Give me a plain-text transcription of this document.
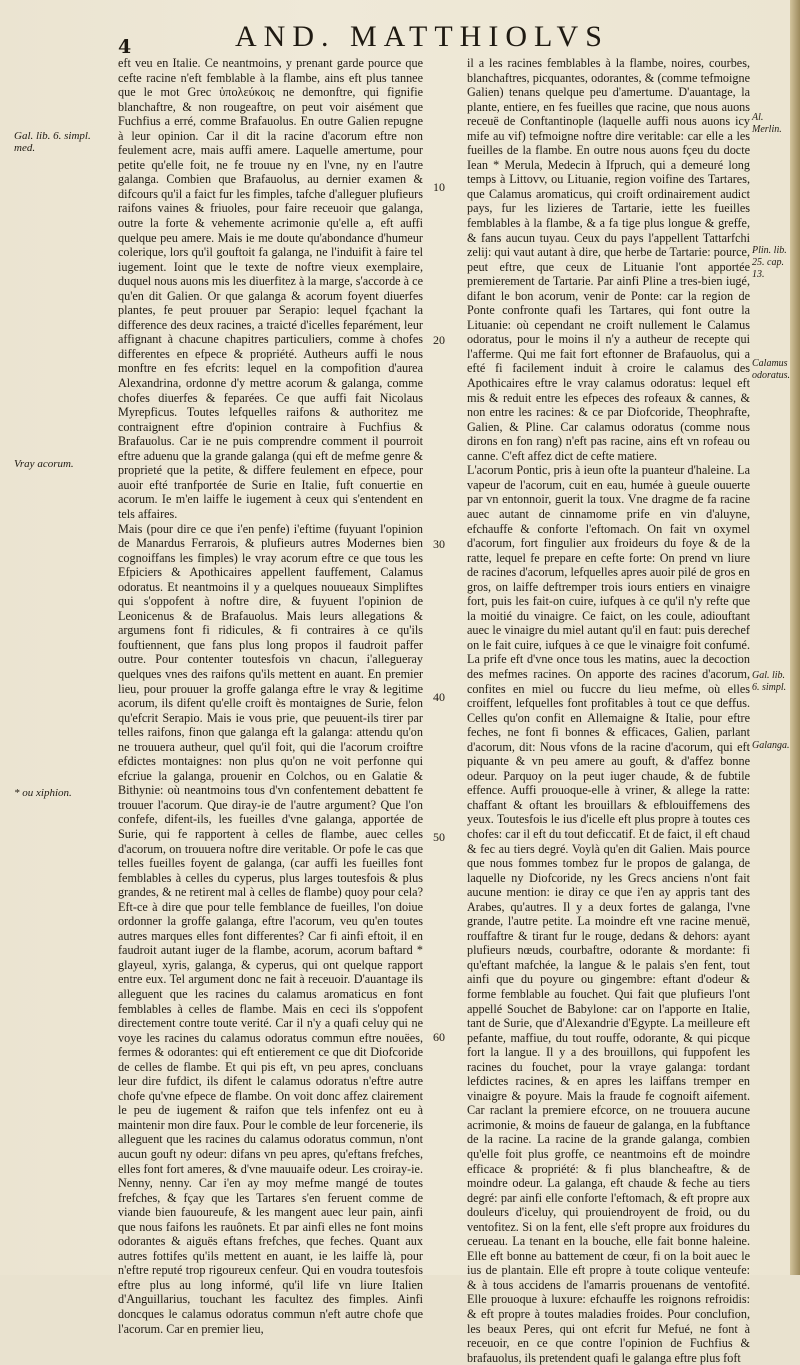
4	AND. MATTHIOLVS
Gal. lib. 6. simpl. med.
Vray acorum.
* ou xiphion.
Al. Merlin.
Plin. lib. 25. cap. 13.
Calamus odoratus.
Gal. lib. 6. simpl.
Galanga.
10
20
30
40
50
60

eft veu en Italie. Ce neantmoins, y prenant garde pource que cefte racine n'eft femblable à la flambe, ains eft plus tannee que le mot Grec ὑπολεύκοις ne demonftre, qui fignifie blanchaftre, & non rougeaftre, on peut voir aisément que Fuchfius a erré, comme Brafauolus. En outre Galien repugne à leur opinion. Car il dit la racine d'acorum eftre non feulement acre, mais auffi amere. Laquelle amertume, pour petite qu'elle foit, ne fe trouue ny en l'vne, ny en l'autre galanga. Combien que Brafauolus, au dernier examen & difcours qu'il a faict fur les fimples, tafche d'alleguer plufieurs raifons vaines & friuoles, pour faire receuoir que galanga, outre la forte & vehemente acrimonie qu'elle a, eft auffi quelque peu amere. Mais ie me doute qu'abondance d'humeur colerique, lors qu'il gouftoit fa galanga, ne l'induifit à faire tel iugement. Ioint que le texte de noftre vieux exemplaire, duquel nous auons mis les diuerfitez à la marge, s'accorde à ce qu'en dit Galien. Or que galanga & acorum foyent diuerfes plantes, fe peut prouuer par Serapio: lequel fçachant la difference des deux racines, a traicté d'icelles feparément, leur affignant à chacune chapitres particuliers, comme à chofes differentes en efpece & propriété. Autheurs auffi le nous monftre en fes efcrits: lequel en la compofition d'aurea Alexandrina, ordonne d'y mettre acorum & galanga, comme chofes diuerfes & feparées. Ce que auffi fait Nicolaus Myrepficus. Toutes lefquelles raifons & authoritez me contraignent eftre d'opinion contraire à Fuchfius & Brafauolus. Car ie ne puis comprendre comment il pourroit eftre aduenu que la grande galanga (qui eft de mefme genre & proprieté que la petite, & differe feulement en efpece, pour auoir efté tranfportée de Surie en Italie, fuft conuertie en acorum. Ie m'en laiffe le iugement à ceux qui s'entendent en tels affaires.

Mais (pour dire ce que i'en penfe) i'eftime (fuyuant l'opinion de Manardus Ferrarois, & plufieurs autres Modernes bien cognoiffans les fimples) le vray acorum eftre ce que tous les Efpiciers & Apothicaires appellent fauffement, Calamus odoratus. Et neantmoins il y a quelques nouueaux Simpliftes qui s'oppofent à noftre dire, & fuyuent l'opinion de Leonicenus & de Brafauolus. Mais leurs allegations & argumens font fi ridicules, & fi contraires à ce qu'ils fouftiennent, que fans plus long propos il faudroit paffer outre. Pour contenter toutesfois vn chacun, i'allegueray quelques vnes des raifons qu'ils mettent en auant. En premier lieu, pour prouuer la groffe galanga eftre le vray & legitime acorum, ils difent qu'elle croift ès montaignes de Surie, felon qu'efcrit Serapio. Mais ie vous prie, que peuuent-ils tirer par telles raifons, finon que galanga eft la galanga: attendu qu'on ne trouuera autheur, quel qu'il foit, qui die l'acorum croiftre efdictes montaignes: non plus qu'on ne voit perfonne qui efcriue la galanga, prouenir en Colchos, ou en Galatie & Bithynie: où neantmoins tous d'vn confentement debattent fe trouuer l'acorum. Que diray-ie de l'autre argument? Que l'on confefe, difent-ils, les fueilles d'vne galanga, apportée de Surie, qui fe rapportent à celles de flambe, auec celles d'acorum, on trouuera noftre dire veritable. Or pofe le cas que telles fueilles foyent de galanga, (car auffi les fueilles font femblables à celles du cyperus, plus larges toutesfois & plus grandes, & ne retirent mal à celles de flambe) quoy pour cela? Eft-ce à dire que pour telle femblance de fueilles, l'on doiue ordonner la groffe galanga, eftre l'acorum, veu qu'en toutes autres marques elles font differentes? Car fi ainfi eftoit, il en faudroit autant iuger de la flambe, acorum, acorum baftard * glayeul, xyris, galanga, & cyperus, qui ont quelque rapport entre eux. Tel argument donc ne fait à receuoir. D'auantage ils alleguent que les racines du calamus aromaticus en font femblables à celles de flambe. Mais en ceci ils s'oppofent directement contre toute verité. Car il n'y a quafi celuy qui ne voye les racines du calamus odoratus commun eftre nouëes, fermes & odorantes: qui eft entierement ce que dit Diofcoride de celles de flambe. Et qui pis eft, vn peu apres, concluans leur dire fufdict, ils difent le calamus odoratus n'eftre autre chofe qu'vne efpece de flambe. On voit donc affez clairement le peu de iugement & raifon que tels infenfez ont eu à maintenir mon dire faux. Pour le comble de leur forcenerie, ils alleguent que les racines du calamus odoratus commun, n'ont aucun gouft ny odeur: difans vn peu apres, qu'eftans frefches, elles font fort ameres, & d'vne mauuaife odeur. Les croiray-ie. Nenny, nenny. Car i'en ay moy mefme mangé de toutes frefches, & fçay que les Tartares s'en feruent comme de viande bien fauoureufe, & les mangent auec leur pain, ainfi que nous faifons les rauônets. Et par ainfi elles ne font moins odorantes & aiguës eftans frefches, que feches. Quant aux autres fottifes qu'ils mettent en auant, ie les laiffe là, pour n'eftre reputé trop rigoureux cenfeur. Qui en voudra toutesfois eftre plus au long informé, qu'il life vn liure Italien d'Anguillarius, touchant les facultez des fimples. Ainfi doncques le calamus odoratus commun n'eft autre chofe que l'acorum. Car en premier lieu,

il a les racines femblables à la flambe, noires, courbes, blanchaftres, picquantes, odorantes, & (comme tefmoigne Galien) tenans quelque peu d'amertume. D'auantage, la plante, entiere, en fes fueilles que racine, que nous auons receuë de Conftantinople (laquelle auffi nous auons icy mife au vif) tefmoigne noftre dire veritable: car elle a les fueilles de la flambe. En outre nous auons fçeu du docte Iean * Merula, Medecin à Ifpruch, qui a demeuré long temps à Littovv, ou Lituanie, region voifine des Tartares, que Calamus aromaticus, qui croift ordinairement audict pays, fur les lizieres de Tartarie, iette les fueilles femblables à la flambe, & a fa tige plus longue & greffe, & fans aucun tuyau. Ceux du pays l'appellent Tattarfchi zelij: qui vaut autant à dire, que herbe de Tartarie: pource, peut eftre, que ceux de Lituanie l'ont apportée premierement de Tartarie. Par ainfi Pline a tres-bien iugé, difant le bon acorum, venir de Ponte: car la region de Ponte confronte quafi les Tartares, qui font outre la Lituanie: où cependant ne croift nullement le Calamus odoratus, pour le moins il n'y a autheur de recepte qui l'afferme. Qui me fait fort eftonner de Brafauolus, qui a efté fi facilement induit à croire le calamus des Apothicaires eftre le vray calamus odoratus: lequel eft mis & reduit entre les efpeces des rofeaux & cannes, & non entre les racines: & ce par Diofcoride, Theophrafte, Galien, & Pline. Car calamus odoratus (comme nous dirons en fon rang) n'eft pas racine, ains eft vn rofeau ou canne. C'eft affez dict de cefte matiere.

L'acorum Pontic, pris à ieun ofte la puanteur d'haleine. La vapeur de l'acorum, cuit en eau, humée à gueule ouuerte par vn entonnoir, guerit la toux. Vne dragme de fa racine auec autant de cinnamome prife en vin d'aluyne, efchauffe & conforte l'eftomach. On fait vn oxymel d'acorum, fort fingulier aux froideurs du foye & de la ratte, lequel fe prepare en cefte forte: On prend vn liure de racines d'acorum, lefquelles apres auoir pilé de gros en gros, on laiffe deftremper trois iours entiers en vinaigre fort, puis les fait-on cuire, iufques à ce qu'il n'y refte que la moitié du vinaigre. Ce faict, on les coule, adiouftant auec le vinaigre du miel autant qu'il en faut: puis derechef on le fait cuire, iufques à ce que le vinaigre foit confumé. La prife eft d'vne once tous les matins, auec la decoction des mefmes racines. On apporte des racines d'acorum, confites en miel ou fuccre du lieu mefme, où elles croiffent, lefquelles font profitables à tout ce que deffus. Celles qu'on confit en Allemaigne & Italie, pour eftre feches, ne font fi bonnes & efficaces, Galien, parlant d'acorum, dit: Nous vfons de la racine d'acorum, qui eft piquante & vn peu amere au gouft, & d'affez bonne odeur. Parquoy on la peut iuger chaude, & de fubtile effence. Auffi prouoque-elle à vriner, & allege la ratte: chaffant & oftant les brouillars & efblouiffemens des yeux. Toutesfois le ius d'icelle eft plus propre à toutes ces chofes: car il eft du tout deficcatif. Et de faict, il eft chaud & fec au tiers degré. Voylà qu'en dit Galien. Mais pource que nous fommes tombez fur le propos de galanga, de laquelle ny Diofcoride, ny les Grecs anciens n'ont fait aucune mention: ie diray ce que i'en ay appris tant des Arabes, qu'autres. Il y a deux fortes de galanga, l'vne grande, l'autre petite. La moindre eft vne racine menuë, rouffaftre & tirant fur le rouge, dedans & dehors: ayant plufieurs nœuds, courbaftre, odorante & mordante: fi qu'eftant mafchée, la langue & le palais s'en fent, tout ainfi que du poyure ou gingembre: eftant d'odeur & forme femblable au fouchet. Qui fait que plufieurs l'ont appellé Souchet de Babylone: car on l'apporte en Italie, tant de Surie, que d'Alexandrie d'Egypte. La meilleure eft pefante, maffiue, du tout rouffe, odorante, & qui picque fort la langue. Il y a des brouillons, qui fuppofent les racines du fouchet, pour la vraye galanga: tordant lefdictes racines, & en apres les laiffans tremper en vinaigre & poyure. Mais la fraude fe cognoift aifement. Car raclant la premiere efcorce, on ne trouuera aucune acrimonie, & moins de faueur de galanga, en la fubftance de la racine. La racine de la grande galanga, combien qu'elle foit plus groffe, ce neantmoins eft de moindre efficace & propriété: & fi plus blancheaftre, & de moindre odeur. La galanga, eft chaude & feche au tiers degré: par ainfi elle conforte l'eftomach, & eft propre aux douleurs d'iceluy, qui prouiendroyent de froid, ou du ventofitez. Si on la fent, elle s'eft propre aux froidures du cerueau. La tenant en la bouche, elle fait bonne haleine. Elle eft bonne au battement de cœur, fi on la boit auec le ius de plantain. Elle eft propre à toute colique venteufe: & à tous accidens de l'amarris prouenans de ventofité. Elle prouoque à luxure: efchauffe les roignons refroidis: & eft propre à toutes maladies froides. Pour conclufion, les beaux Peres, qui ont efcrit fur Mefué, ne font à receuoir, en ce que contre l'opinion de Fuchfius & brafauolus, ils pretendent quafi le galanga eftre plus foft
